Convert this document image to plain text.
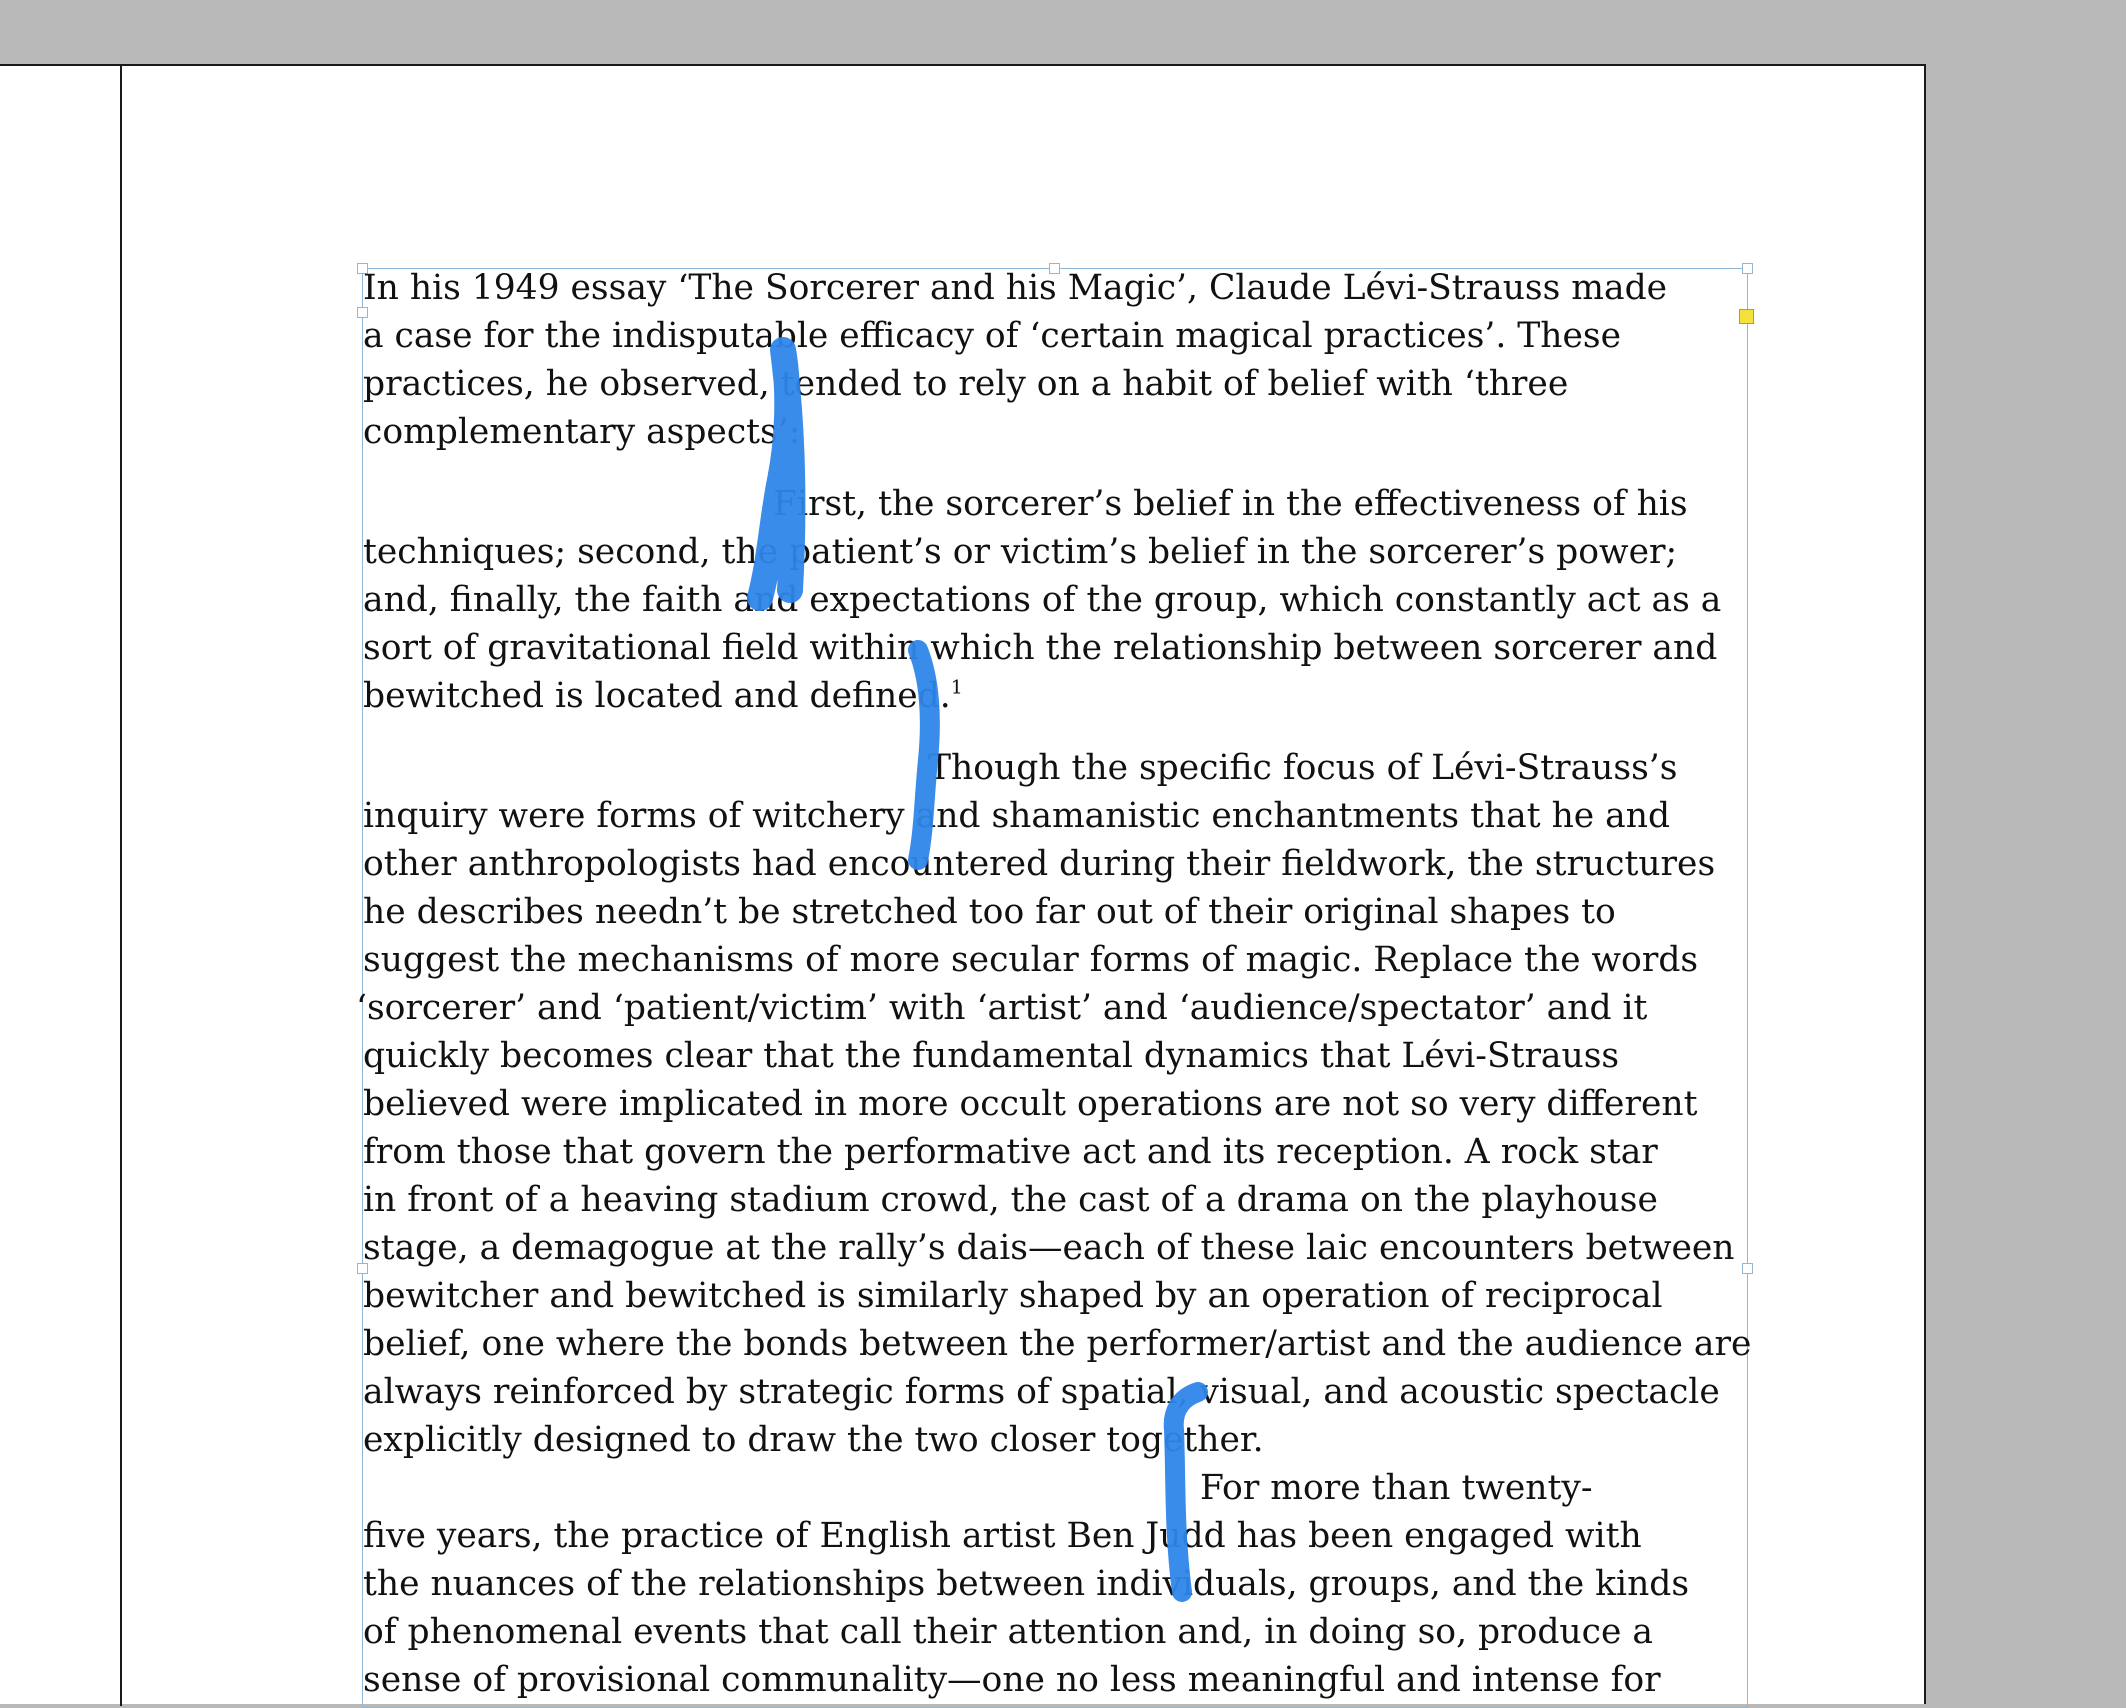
In his 1949 essay ‘The Sorcerer and his Magic’, Claude Lévi-Strauss made
a case for the indisputable efficacy of ‘certain magical practices’. These
practices, he observed, tended to rely on a habit of belief with ‘three
complementary aspects’:
First, the sorcerer’s belief in the effectiveness of his
techniques; second, the patient’s or victim’s belief in the sorcerer’s power;
and, finally, the faith and expectations of the group, which constantly act as a
sort of gravitational field within which the relationship between sorcerer and
bewitched is located and defined.$^1$
Though the specific focus of Lévi-Strauss’s
inquiry were forms of witchery and shamanistic enchantments that he and
other anthropologists had encountered during their fieldwork, the structures
he describes needn’t be stretched too far out of their original shapes to
suggest the mechanisms of more secular forms of magic. Replace the words
‘sorcerer’ and ‘patient/victim’ with ‘artist’ and ‘audience/spectator’ and it
quickly becomes clear that the fundamental dynamics that Lévi-Strauss
believed were implicated in more occult operations are not so very different
from those that govern the performative act and its reception. A rock star
in front of a heaving stadium crowd, the cast of a drama on the playhouse
stage, a demagogue at the rally’s dais—each of these laic encounters between
bewitcher and bewitched is similarly shaped by an operation of reciprocal
belief, one where the bonds between the performer/artist and the audience are
always reinforced by strategic forms of spatial, visual, and acoustic spectacle
explicitly designed to draw the two closer together.
For more than twenty-
five years, the practice of English artist Ben Judd has been engaged with
the nuances of the relationships between individuals, groups, and the kinds
of phenomenal events that call their attention and, in doing so, produce a
sense of provisional communality—one no less meaningful and intense for
